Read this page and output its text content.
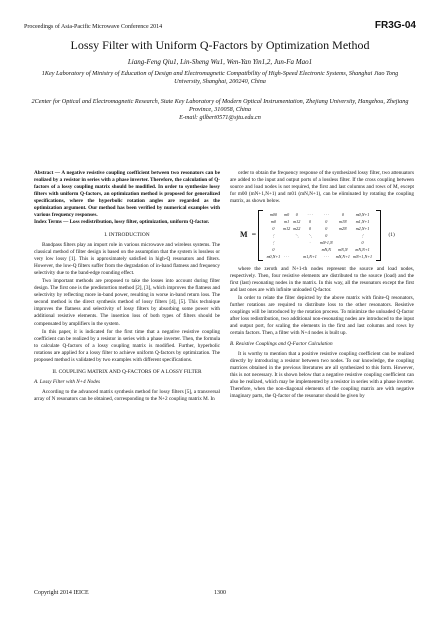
Proceedings of Asia-Pacific Microwave Conference 2014	FR3G-04
Lossy Filter with Uniform Q-Factors by Optimization Method
Liang-Feng Qiu1, Lin-Sheng Wu1, Wen-Yan Yin1,2, Jun-Fa Mao1
1Key Laboratory of Ministry of Education of Design and Electromagnetic Compatibility of High-Speed Electronic Systems, Shanghai Jiao Tong University, Shanghai, 200240, China
2Center for Optical and Electromagnetic Research, State Key Laboratory of Modern Optical Instrumentation, Zhejiang University, Hangzhou, Zhejiang Province, 310058, China
E-mail: gilbert0571@sjtu.edu.cn
Abstract — A negative resistive coupling coefficient between two resonators can be realized by a resistor in series with a phase inverter. Therefore, the calculation of Q-factors of a lossy coupling matrix should be modified. In order to synthesize lossy filters with uniform Q-factors, an optimization method is proposed for generalized specifications, where the hyperbolic rotation angles are regarded as the optimization argument. Our method has been verified by numerical examples with various frequency responses.
Index Terms — Loss redistribution, lossy filter, optimization, uniform Q-factor.
I. INTRODUCTION

Bandpass filters play an import role in various microwave and wireless systems. The classical method of filter design is based on the assumption that the system is lossless or very low lossy [1]. This is approximately satisfied in high-Q resonators and filters. However, the low-Q filters suffer from the degradation of in-band flatness and frequency selectivity due to the band-edge rounding effect.

Two important methods are proposed to take the losses into account during filter design. The first one is the predistortion method [2], [3], which improves the flatness and selectivity by reflecting more in-band power, resulting in worse in-band return loss. The second method is the direct synthesis method of lossy filters [4], [5]. This technique improves the flatness and selectivity of lossy filters by absorbing some power with additional resistive elements. The insertion loss of both types of filters should be compensated by amplifiers in the system.

In this paper, it is indicated for the first time that a negative resistive coupling coefficient can be realized by a resistor in series with a phase inverter. Then, the formula to calculate Q-factors of a lossy coupling matrix is modified. Further, hyperbolic rotations are applied for a lossy filter to achieve uniform Q-factors by optimization. The proposed method is validated by two examples with different specifications.

II. COUPLING MATRIX AND Q-FACTORS OF A LOSSY FILTER
A. Lossy Filter with N+4 Nodes

According to the advanced matrix synthesis method for lossy filters [5], a transversal array of N resonators can be obtained, corresponding to the N+2 coupling matrix M. In

order to obtain the frequency response of the synthesized lossy filter, two attenuators are added to the input and output ports of a lossless filter. If the cross coupling between source and load nodes is not required, the first and last columns and rows of M, except for m00 (mN+1,N+1) and m01 (mN,N+1), can be eliminated by rotating the coupling matrix, as shown below.

M =
m00	m0	0	· · ·	· · ·	0	m0,N+1
m0	m1	m12	0	0	m1N	m1,N+1
0	m12	m22	0	0	m2N	m2,N+1
⋮		⋱	⋱	0		⋮
⋮			·	mN-1,N		0
0				mN,N	mN,N	mN,N+1
m0,N+1	· · ·		m1,N+1	· · ·	mN,N+1	mN+1,N+1
(1)

where the zeroth and N+1-th nodes represent the source and load nodes, respectively. Then, four resistive elements are distributed to the source (load) and the first (last) resonating nodes in the matrix. In this way, all the resonators except the first and last ones are with infinite unloaded Q-factor.

In order to relate the filter depicted by the above matrix with finite-Q resonators, further rotations are required to distribute loss to the other resonators. Resistive couplings will be introduced by the rotation process. To minimize the unloaded Q-factor after loss redistribution, two additional non-resonating nodes are introduced to the input and output port, for scaling the elements in the first and last columns and rows by certain factors. Then, a filter with N+4 nodes is built up.

B. Resistive Couplings and Q-Factor Calculation

It is worthy to mention that a positive resistive coupling coefficient can be realized directly by introducing a resistor between two nodes. To our knowledge, the coupling matrices obtained in the previous literatures are all synthesized to this form. However, this is not necessary. It is shown below that a negative resistive coupling coefficient can also be realized, which may be implemented by a resistor in series with a phase inverter. Therefore, when the non-diagonal elements of the coupling matrix are with negative imaginary parts, the Q-factor of the resonator should be given by

Copyright 2014 IEICE	1300
